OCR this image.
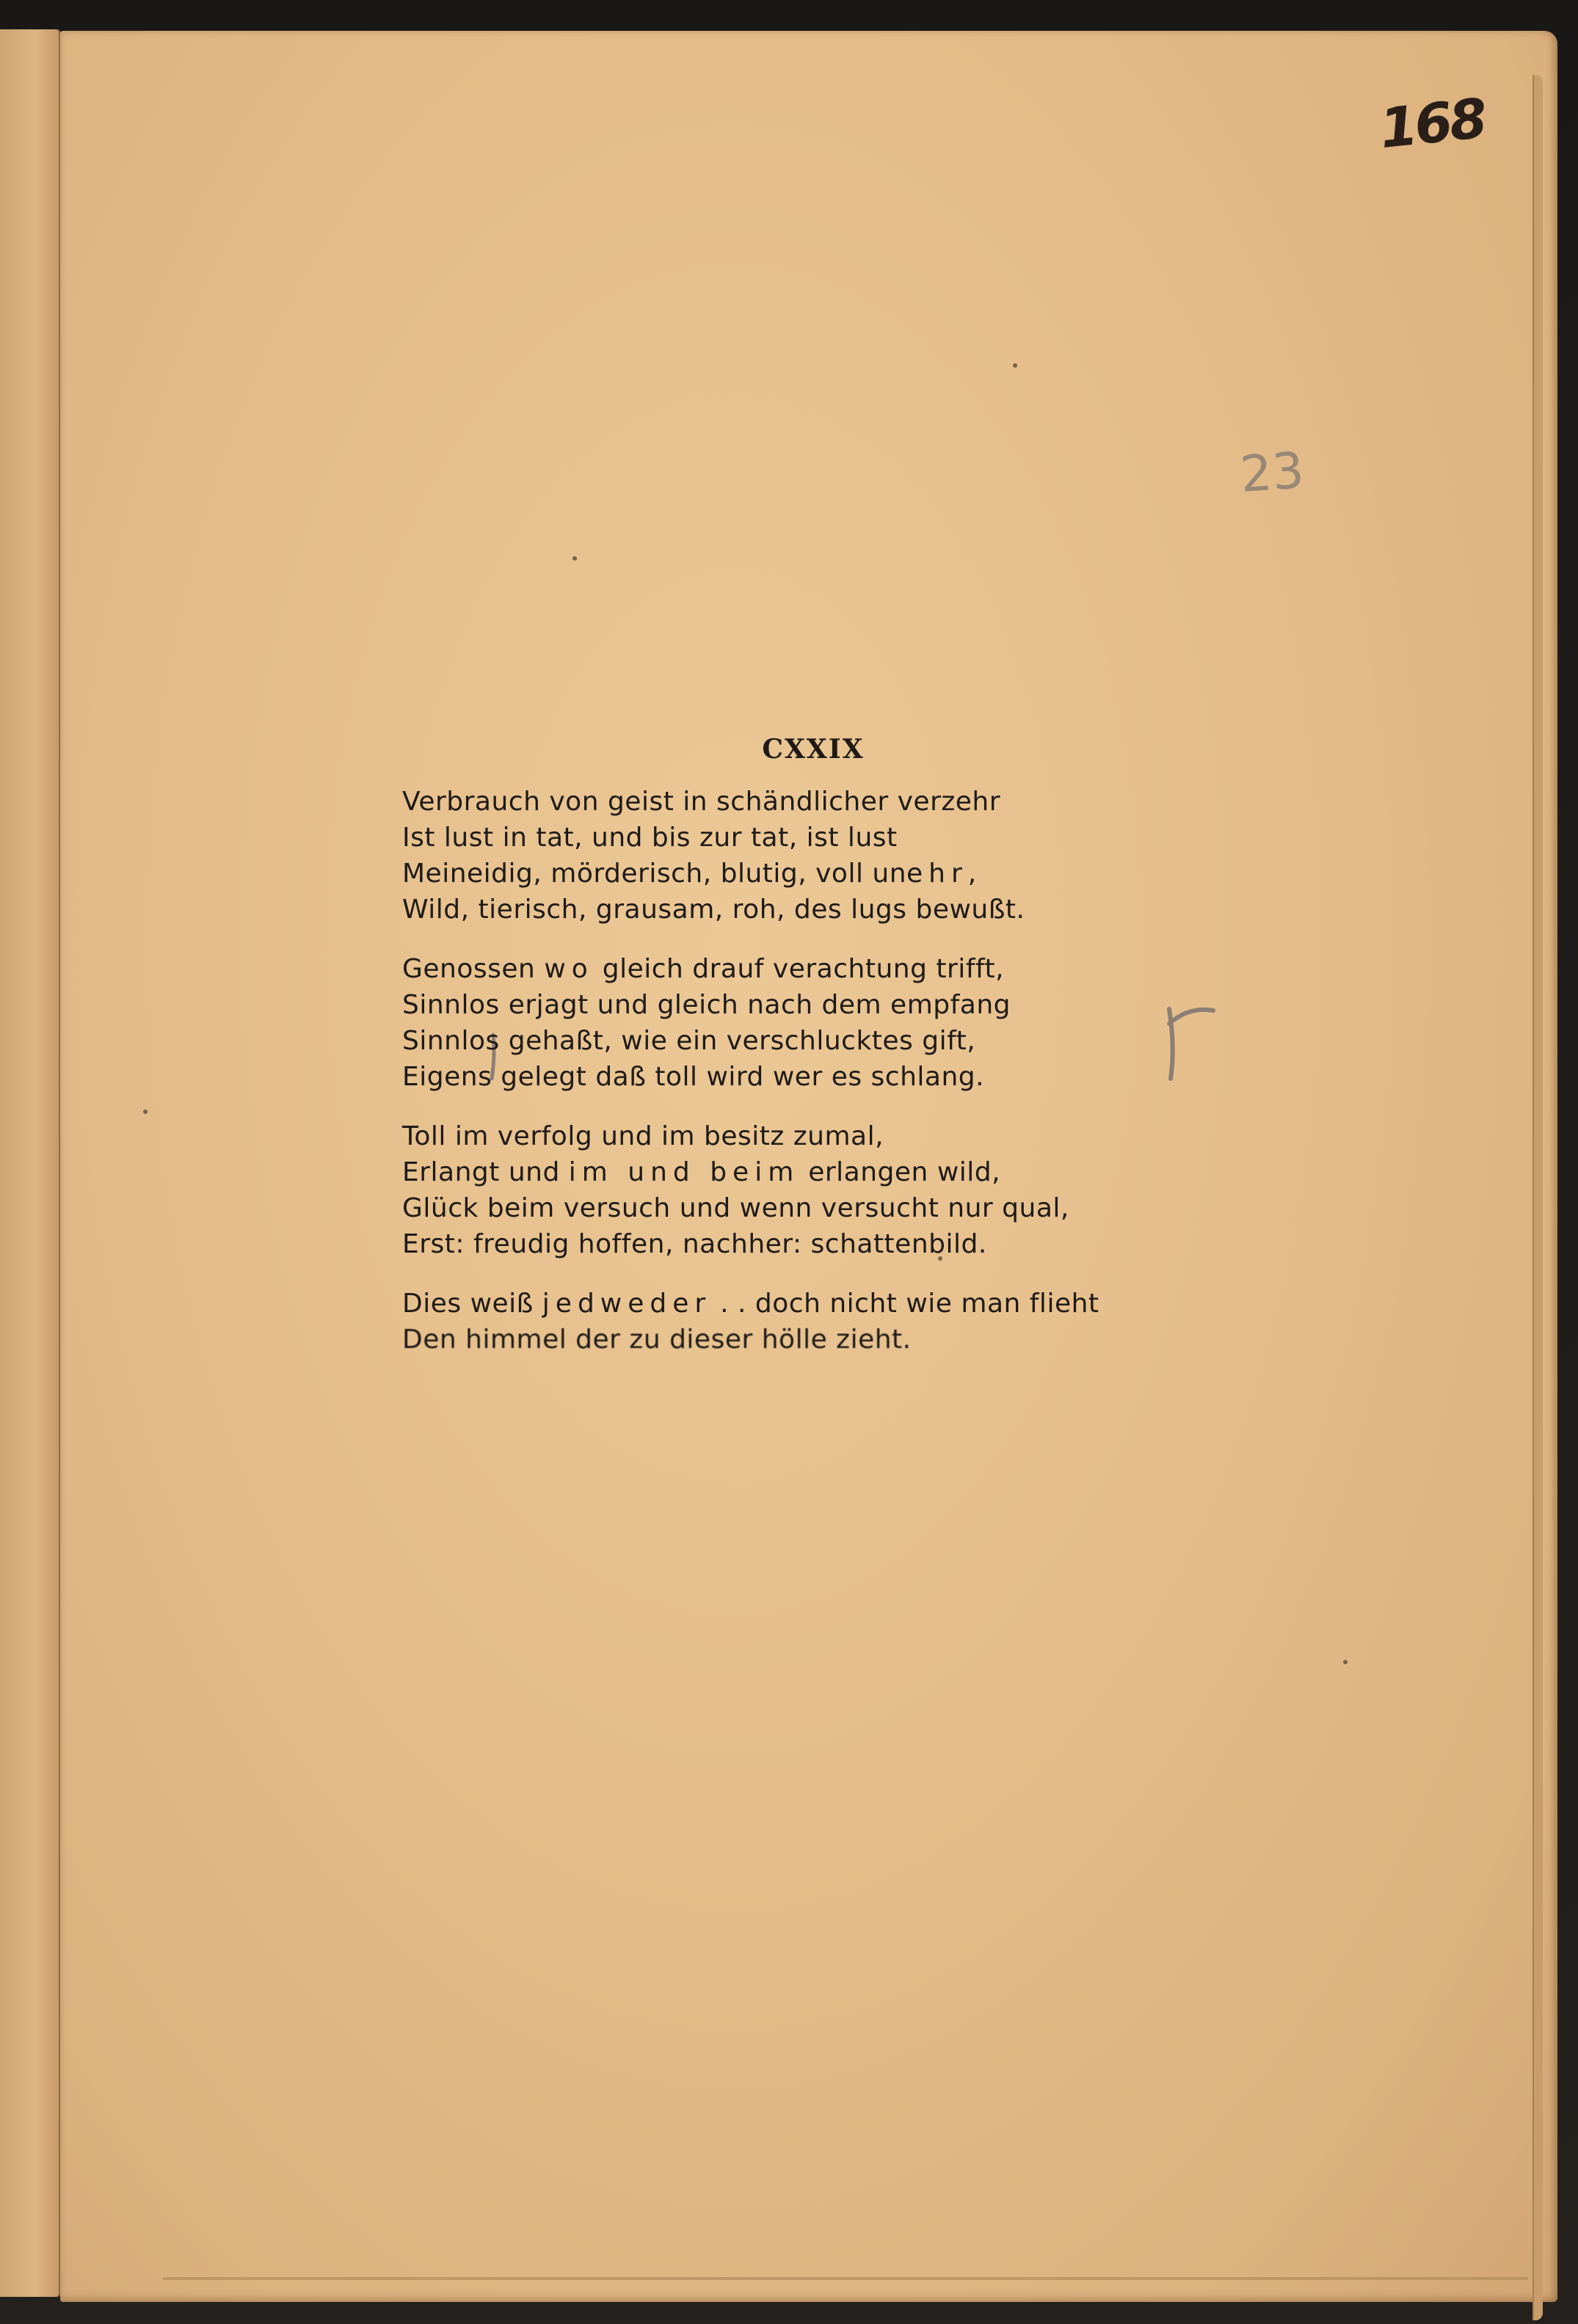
168
23
CXXIX
Verbrauch von geist in schändlicher verzehr
Ist lust in tat, und bis zur tat, ist lust
Meineidig, mörderisch, blutig, voll unehr,
Wild, tierisch, grausam, roh, des lugs bewußt.
Genossen wo gleich drauf verachtung trifft,
Sinnlos erjagt und gleich nach dem empfang
Sinnlos gehaßt, wie ein verschlucktes gift,
Eigens gelegt daß toll wird wer es schlang.
Toll im verfolg und im besitz zumal,
Erlangt und im und beim erlangen wild,
Glück beim versuch und wenn versucht nur qual,
Erst: freudig hoffen, nachher: schattenbild.
Dies weiß jedweder . . doch nicht wie man flieht
Den himmel der zu dieser hölle zieht.
